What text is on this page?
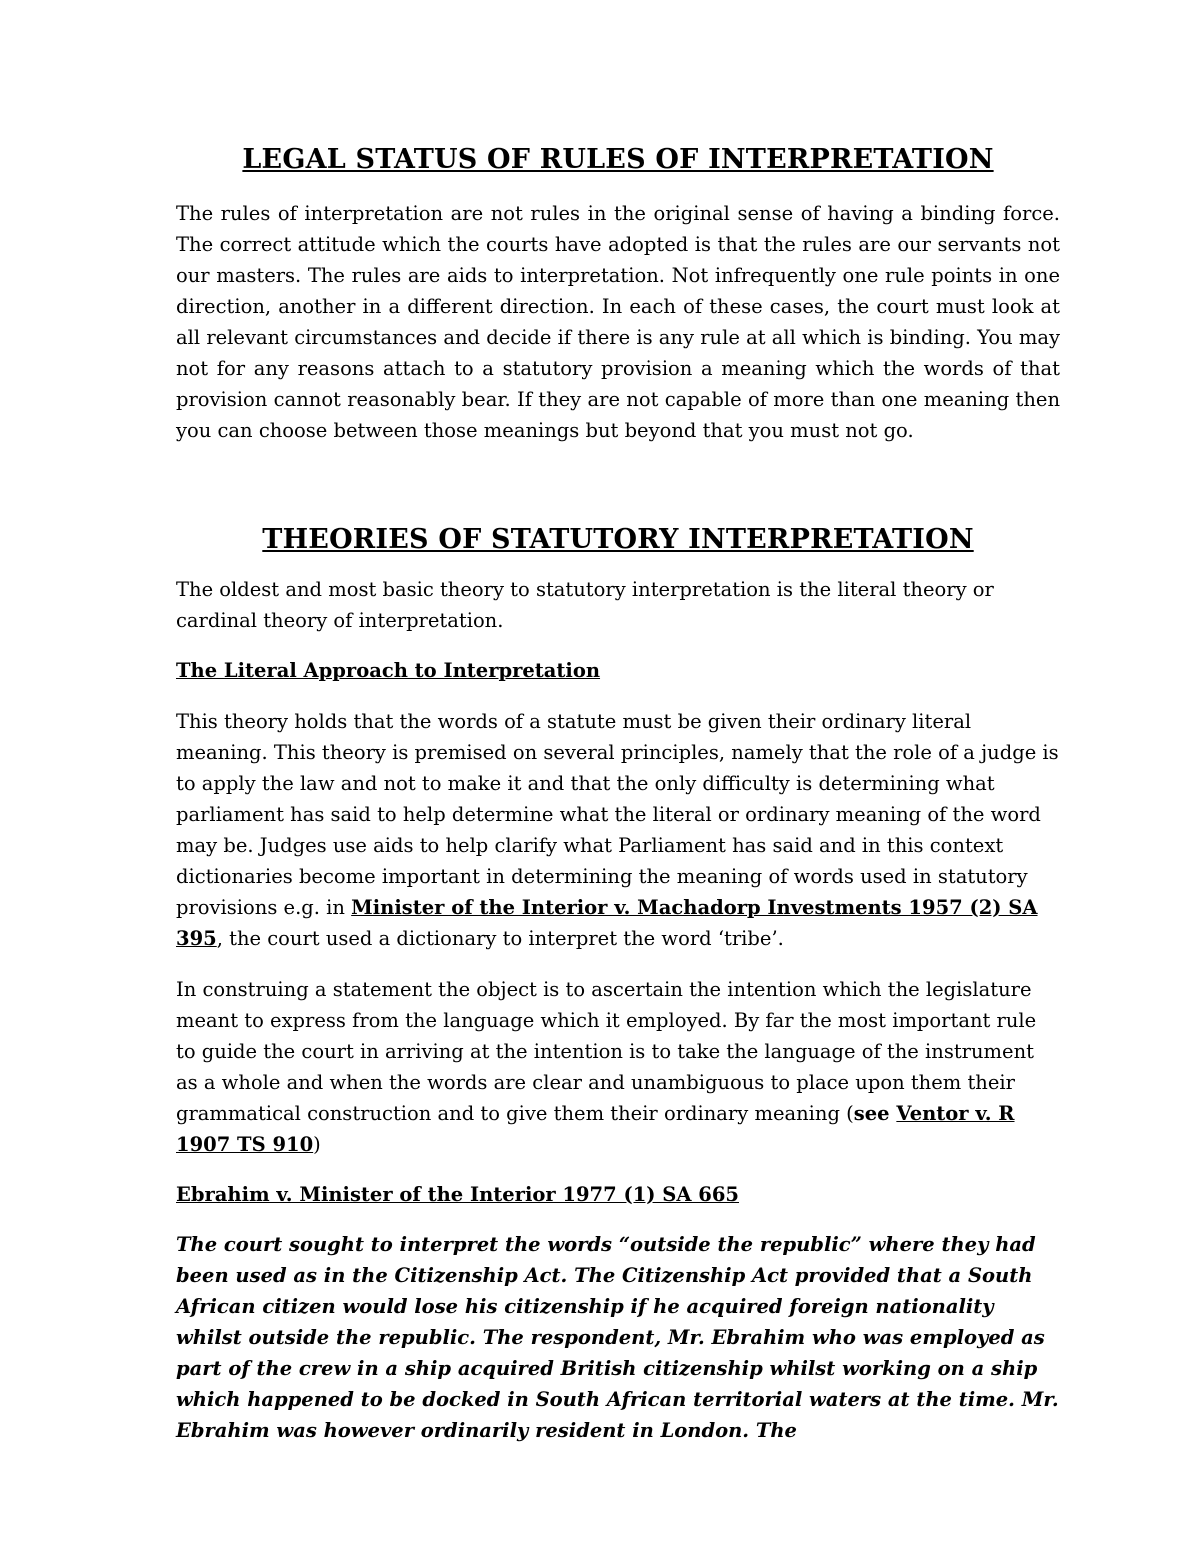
LEGAL STATUS OF RULES OF INTERPRETATION

The rules of interpretation are not rules in the original sense of having a binding force. The correct attitude which the courts have adopted is that the rules are our servants not our masters. The rules are aids to interpretation. Not infrequently one rule points in one direction, another in a different direction. In each of these cases, the court must look at all relevant circumstances and decide if there is any rule at all which is binding. You may not for any reasons attach to a statutory provision a meaning which the words of that provision cannot reasonably bear. If they are not capable of more than one meaning then you can choose between those meanings but beyond that you must not go.

THEORIES OF STATUTORY INTERPRETATION

The oldest and most basic theory to statutory interpretation is the literal theory or cardinal theory of interpretation.

The Literal Approach to Interpretation

This theory holds that the words of a statute must be given their ordinary literal meaning. This theory is premised on several principles, namely that the role of a judge is to apply the law and not to make it and that the only difficulty is determining what parliament has said to help determine what the literal or ordinary meaning of the word may be. Judges use aids to help clarify what Parliament has said and in this context dictionaries become important in determining the meaning of words used in statutory provisions e.g. in Minister of the Interior v. Machadorp Investments 1957 (2) SA 395, the court used a dictionary to interpret the word ‘tribe’.

In construing a statement the object is to ascertain the intention which the legislature meant to express from the language which it employed. By far the most important rule to guide the court in arriving at the intention is to take the language of the instrument as a whole and when the words are clear and unambiguous to place upon them their grammatical construction and to give them their ordinary meaning (see Ventor v. R 1907 TS 910)

Ebrahim v. Minister of the Interior 1977 (1) SA 665

The court sought to interpret the words “outside the republic” where they had been used as in the Citizenship Act. The Citizenship Act provided that a South African citizen would lose his citizenship if he acquired foreign nationality whilst outside the republic. The respondent, Mr. Ebrahim who was employed as part of the crew in a ship acquired British citizenship whilst working on a ship which happened to be docked in South African territorial waters at the time. Mr. Ebrahim was however ordinarily resident in London. The
